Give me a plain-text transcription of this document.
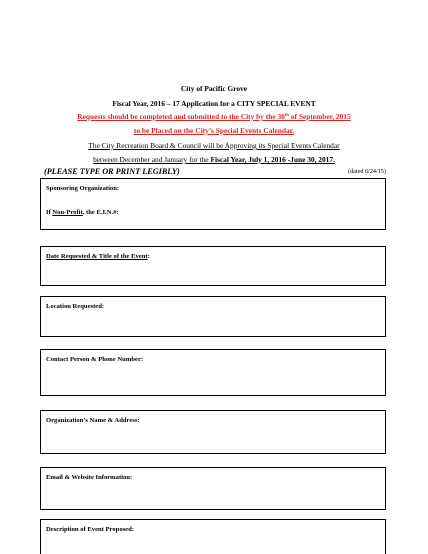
City of Pacific Grove
Fiscal Year, 2016 – 17 Application for a CITY SPECIAL EVENT
Requests should be completed and submitted to the City by the 30th of September, 2015
to be Placed on the City’s Special Events Calendar.
The City Recreation Board & Council will be Approving its Special Events Calendar
between December and January for the Fiscal Year, July 1, 2016 -June 30, 2017.
(PLEASE TYPE OR PRINT LEGIBLY)	(dated 6/24/15)
Sponsoring Organization:
If Non-Profit, the E.I.N.#:
Date Requested & Title of the Event:
Location Requested:
Contact Person & Phone Number:
Organization’s Name & Address:
Email & Website Information:
Description of Event Proposed:
